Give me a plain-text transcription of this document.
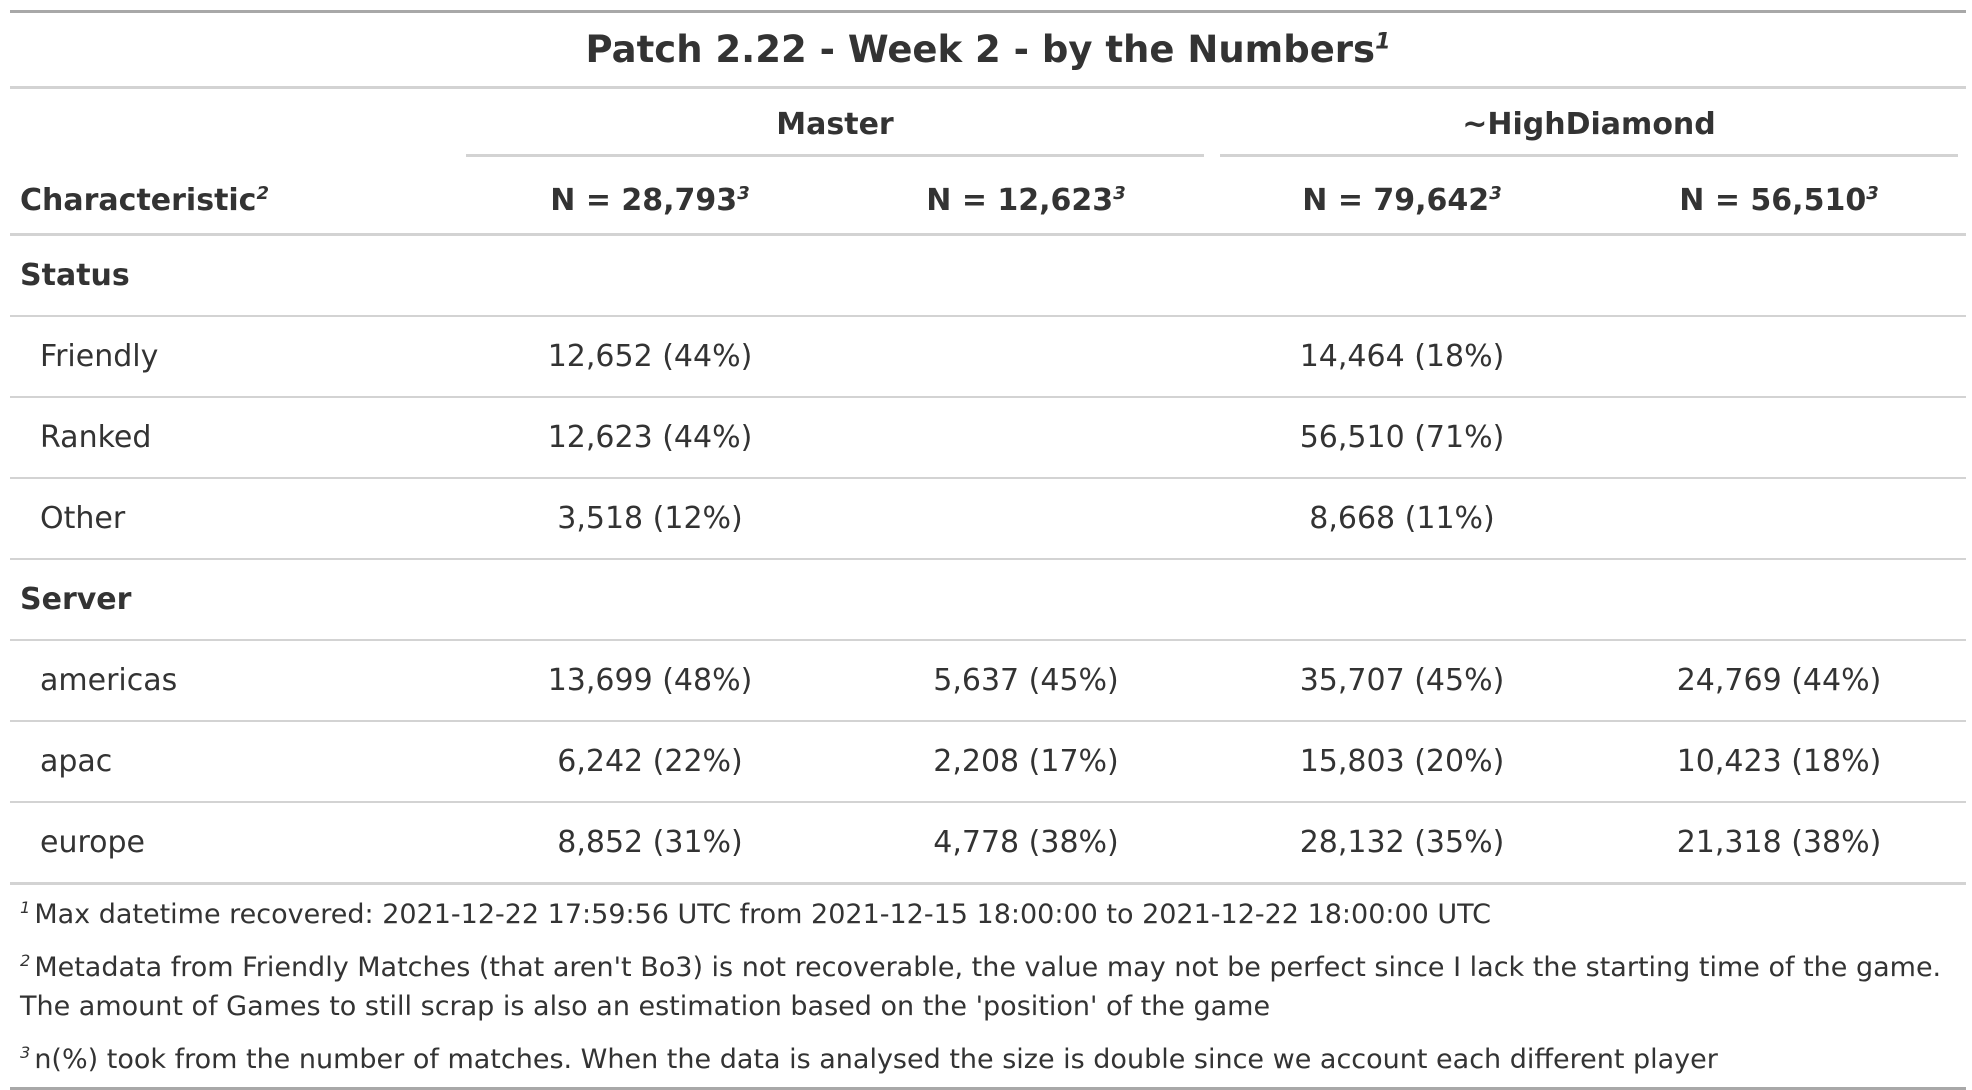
Patch 2.22 - Week 2 - by the Numbers$^1$

	Master		~HighDiamond	

Characteristic$^2$	$N = 28,793^3$	$N = 12,623^3$	$N = 79,642^3$	$N = 56,510^3$
Status				
Friendly	12,652 (44%)		14,464 (18%)	
Ranked	12,623 (44%)		56,510 (71%)	
Other	3,518 (12%)		8,668 (11%)	
Server				
americas	13,699 (48%)	5,637 (45%)	35,707 (45%)	24,769 (44%)
apac	6,242 (22%)	2,208 (17%)	15,803 (20%)	10,423 (18%)
europe	8,852 (31%)	4,778 (38%)	28,132 (35%)	21,318 (38%)
$^1$ Max datetime recovered: 2021-12-22 17:59:56 UTC from 2021-12-15 18:00:00 to 2021-12-22 18:00:00 UTC				
$^2$ Metadata from Friendly Matches (that aren't Bo3) is not recoverable, the value may not be perfect since I lack the starting time of the game. The amount of Games to still scrap is also an estimation based on the 'position' of the game				
$^3$ n(%) took from the number of matches. When the data is analysed the size is double since we account each different player				
